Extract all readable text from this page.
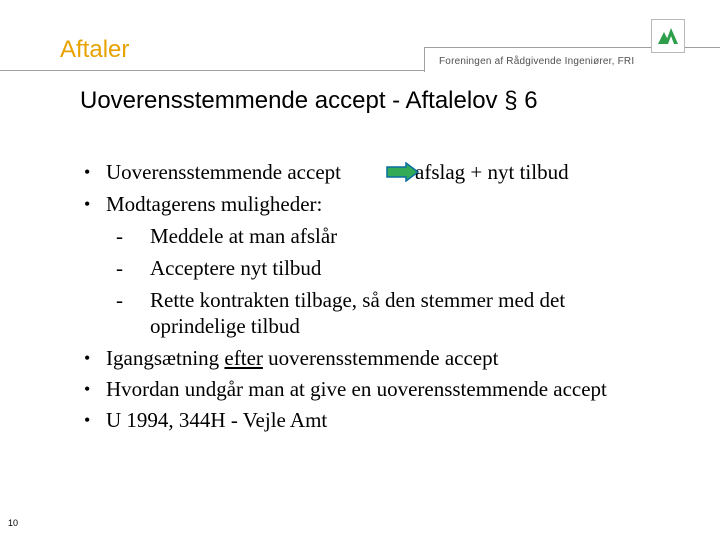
Aftaler	Foreningen af Rådgivende Ingeniører, FRI
Uoverensstemmende accept - Aftalelov § 6
• Uoverensstemmende accept	afslag + nyt tilbud
• Modtagerens muligheder:
- Meddele at man afslår
- Acceptere nyt tilbud
- Rette kontrakten tilbage, så den stemmer med det
oprindelige tilbud
• Igangsætning efter uoverensstemmende accept
• Hvordan undgår man at give en uoverensstemmende accept
• U 1994, 344H - Vejle Amt
10
